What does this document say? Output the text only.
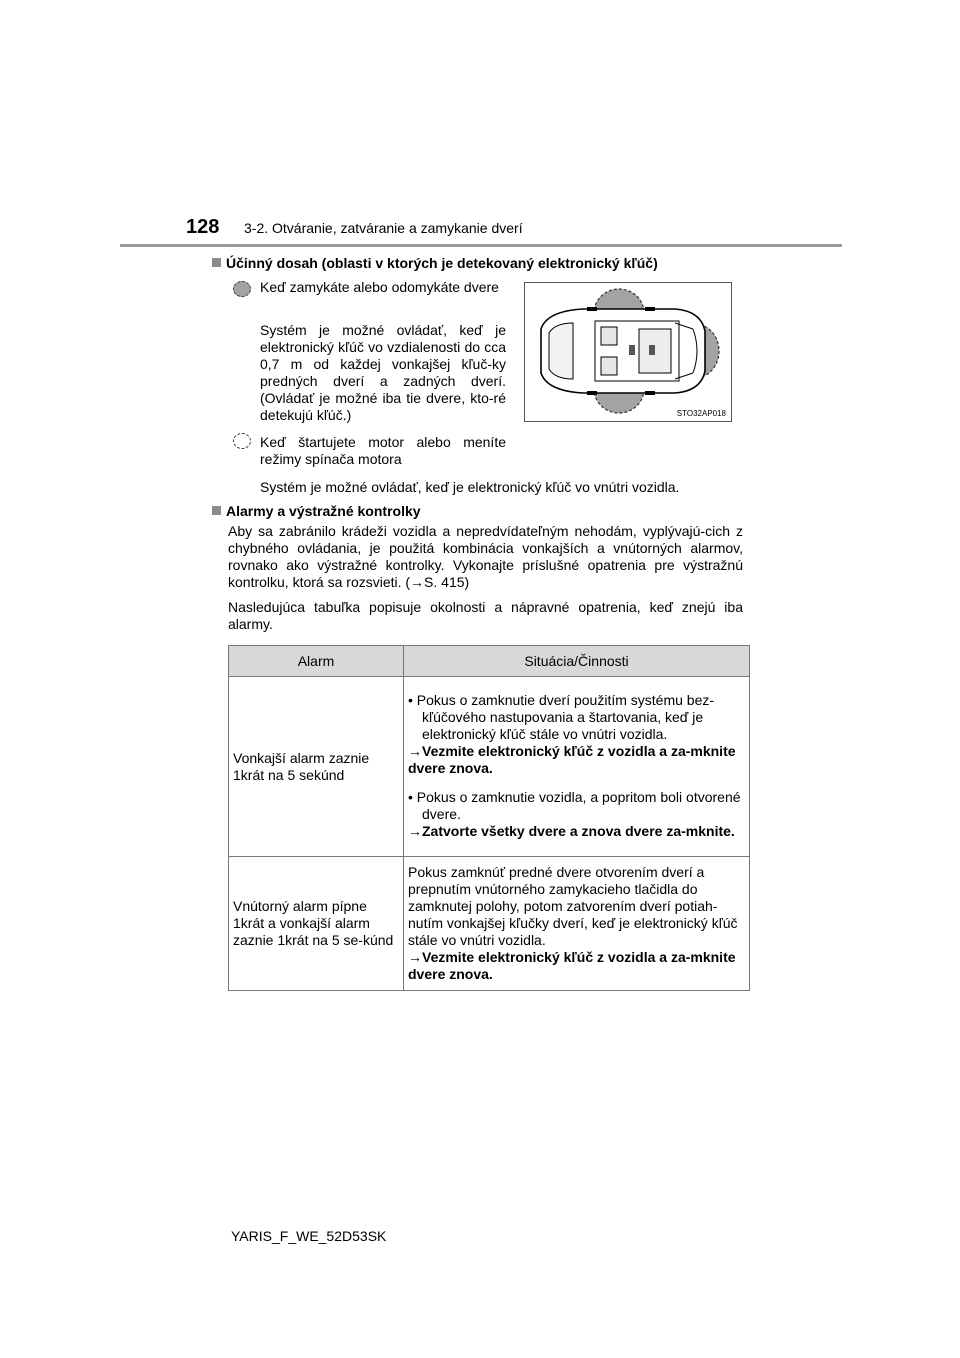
128 3-2. Otváranie, zatváranie a zamykanie dverí
Účinný dosah (oblasti v ktorých je detekovaný elektronický kľúč)
Keď zamykáte alebo odomykáte dvere
Systém je možné ovládať, keď je elektronický kľúč vo vzdialenosti do cca 0,7 m od každej vonkajšej kľuč-ky predných dverí a zadných dverí. (Ovládať je možné iba tie dvere, kto-ré detekujú kľúč.)
Keď štartujete motor alebo meníte režimy spínača motora
Systém je možné ovládať, keď je elektronický kľúč vo vnútri vozidla.
STO32AP018
Alarmy a výstražné kontrolky
Aby sa zabránilo krádeži vozidla a nepredvídateľným nehodám, vyplývajú-cich z chybného ovládania, je použitá kombinácia vonkajších a vnútorných alarmov, rovnako ako výstražné kontrolky. Vykonajte príslušné opatrenia pre výstražnú kontrolku, ktorá sa rozsvieti. (→S. 415)
Nasledujúca tabuľka popisuje okolnosti a nápravné opatrenia, keď znejú iba alarmy.
Alarm	Situácia/Činnosti
Vonkajší alarm zaznie 1krát na 5 sekúnd	• Pokus o zamknutie dverí použitím systému bez-kľúčového nastupovania a štartovania, keď je elektronický kľúč stále vo vnútri vozidla.
→Vezmite elektronický kľúč z vozidla a za-mknite dvere znova.
• Pokus o zamknutie vozidla, a popritom boli otvorené dvere.
→Zatvorte všetky dvere a znova dvere za-mknite.

Vnútorný alarm pípne 1krát a vonkajší alarm zaznie 1krát na 5 se-kúnd	Pokus zamknúť predné dvere otvorením dverí a prepnutím vnútorného zamykacieho tlačidla do zamknutej polohy, potom zatvorením dverí potiah-nutím vonkajšej kľučky dverí, keď je elektronický kľúč stále vo vnútri vozidla.
→Vezmite elektronický kľúč z vozidla a za-mknite dvere znova.
YARIS_F_WE_52D53SK
